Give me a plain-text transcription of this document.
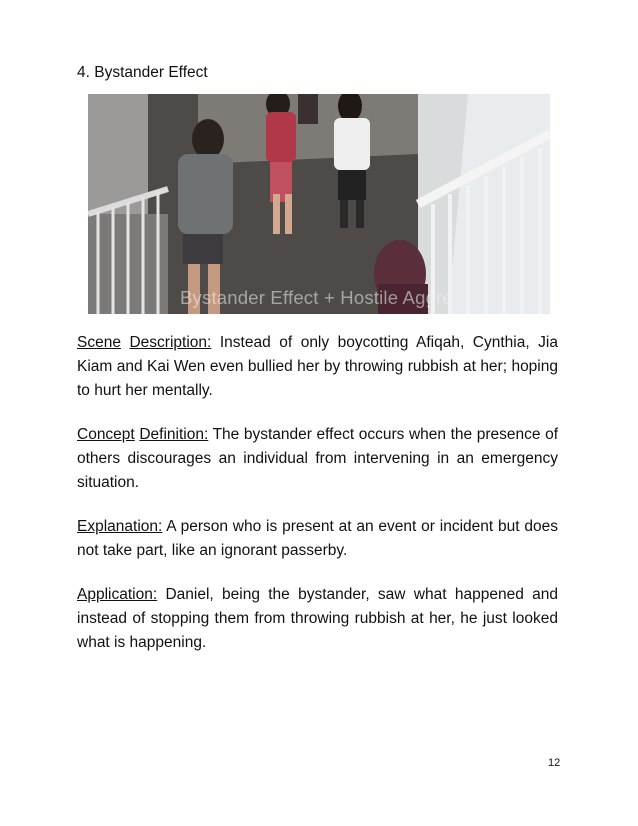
4. Bystander Effect
Bystander Effect + Hostile Aggre
Scene Description: Instead of only boycotting Afiqah, Cynthia, Jia Kiam and Kai Wen even bullied her by throwing rubbish at her; hoping to hurt her mentally.
Concept Definition: The bystander effect occurs when the presence of others discourages an individual from intervening in an emergency situation.
Explanation: A person who is present at an event or incident but does not take part, like an ignorant passerby.
Application: Daniel, being the bystander, saw what happened and instead of stopping them from throwing rubbish at her, he just looked what is happening.
12
